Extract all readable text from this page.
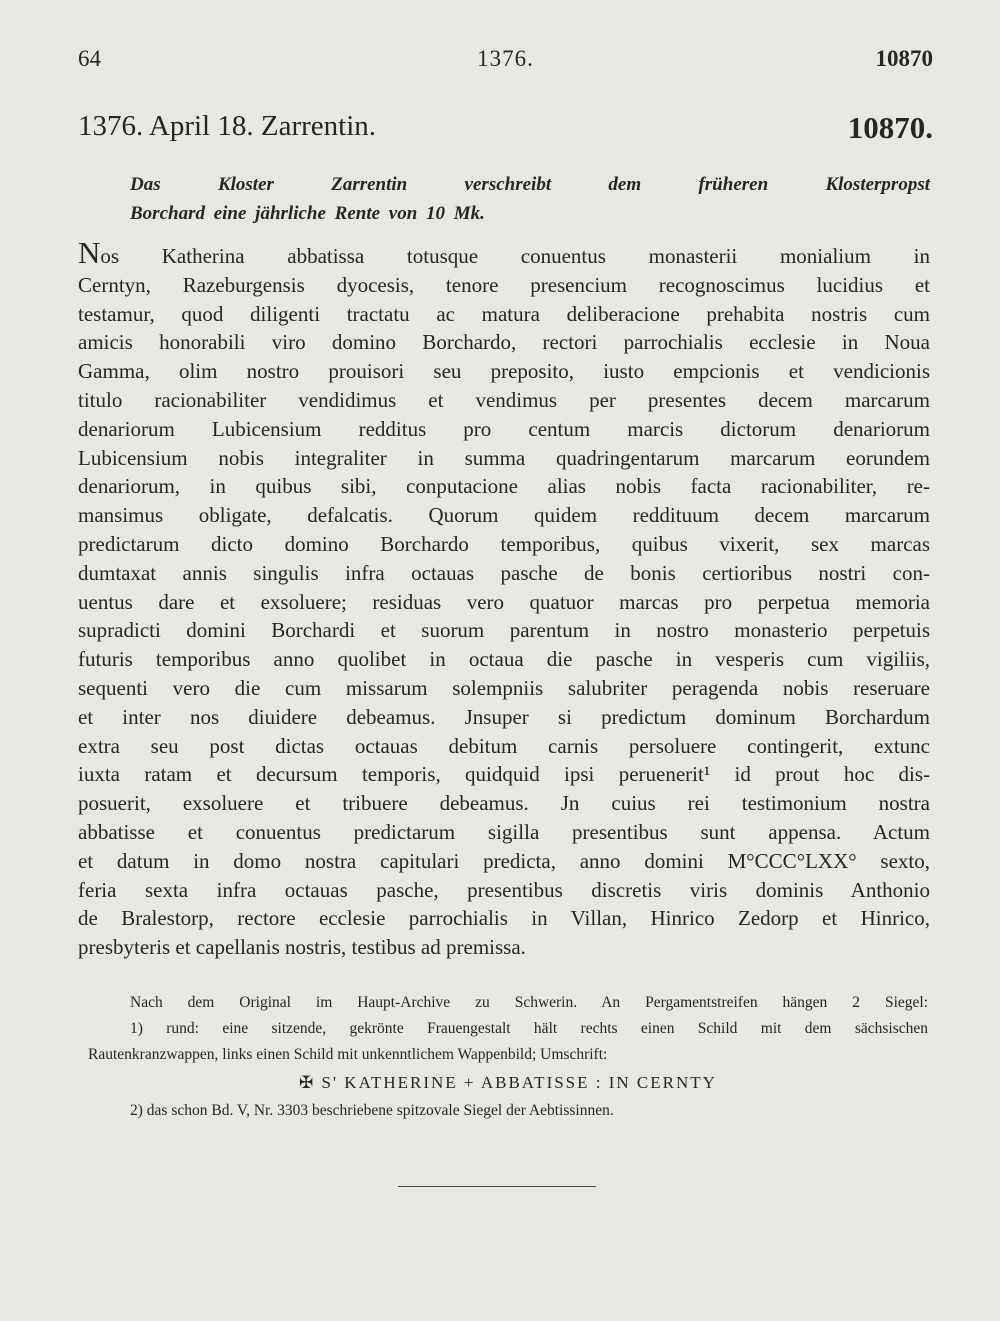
64	1376.	10870
1376. April 18. Zarrentin.	10870.
Das Kloster Zarrentin verschreibt dem früheren Klosterpropst
Borchard eine jährliche Rente von 10 Mk.
Nos Katherina abbatissa totusque conuentus monasterii monialium in
Cerntyn, Razeburgensis dyocesis, tenore presencium recognoscimus lucidius et
testamur, quod diligenti tractatu ac matura deliberacione prehabita nostris cum
amicis honorabili viro domino Borchardo, rectori parrochialis ecclesie in Noua
Gamma, olim nostro prouisori seu preposito, iusto empcionis et vendicionis
titulo racionabiliter vendidimus et vendimus per presentes decem marcarum
denariorum Lubicensium redditus pro centum marcis dictorum denariorum
Lubicensium nobis integraliter in summa quadringentarum marcarum eorundem
denariorum, in quibus sibi, conputacione alias nobis facta racionabiliter, re-
mansimus obligate, defalcatis. Quorum quidem reddituum decem marcarum
predictarum dicto domino Borchardo temporibus, quibus vixerit, sex marcas
dumtaxat annis singulis infra octauas pasche de bonis certioribus nostri con-
uentus dare et exsoluere; residuas vero quatuor marcas pro perpetua memoria
supradicti domini Borchardi et suorum parentum in nostro monasterio perpetuis
futuris temporibus anno quolibet in octaua die pasche in vesperis cum vigiliis,
sequenti vero die cum missarum solempniis salubriter peragenda nobis reseruare
et inter nos diuidere debeamus. Jnsuper si predictum dominum Borchardum
extra seu post dictas octauas debitum carnis persoluere contingerit, extunc
iuxta ratam et decursum temporis, quidquid ipsi peruenerit¹ id prout hoc dis-
posuerit, exsoluere et tribuere debeamus. Jn cuius rei testimonium nostra
abbatisse et conuentus predictarum sigilla presentibus sunt appensa. Actum
et datum in domo nostra capitulari predicta, anno domini M°CCC°LXX° sexto,
feria sexta infra octauas pasche, presentibus discretis viris dominis Anthonio
de Bralestorp, rectore ecclesie parrochialis in Villan, Hinrico Zedorp et Hinrico,
presbyteris et capellanis nostris, testibus ad premissa.
Nach dem Original im Haupt-Archive zu Schwerin. An Pergamentstreifen hängen 2 Siegel:
1) rund: eine sitzende, gekrönte Frauengestalt hält rechts einen Schild mit dem sächsischen
Rautenkranzwappen, links einen Schild mit unkenntlichem Wappenbild; Umschrift:
✠ S' KATHERINE + ABBATISSE : IN CERNTY
2) das schon Bd. V, Nr. 3303 beschriebene spitzovale Siegel der Aebtissinnen.
